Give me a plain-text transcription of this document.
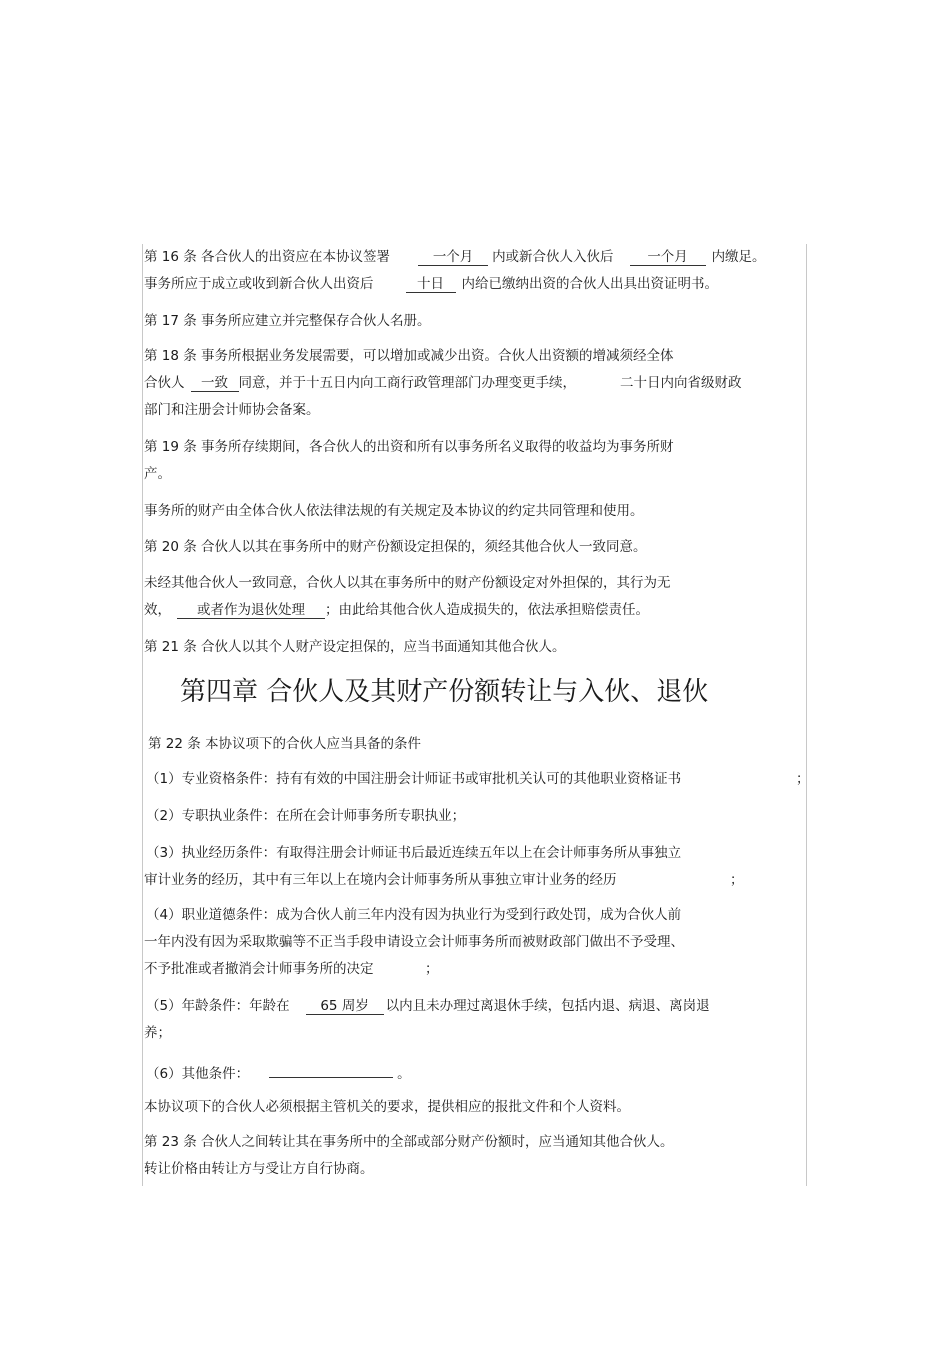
第 16 条 各合伙人的出资应在本协议签署	一个月 内或新合伙人入伙后	一个月 内缴足。
事务所应于成立或收到新合伙人出资后	十日 内给已缴纳出资的合伙人出具出资证明书。
第 17 条 事务所应建立并完整保存合伙人名册。
第 18 条 事务所根据业务发展需要，可以增加或减少出资。合伙人出资额的增减须经全体
合伙人 一致 同意，并于十五日内向工商行政管理部门办理变更手续，	二十日内向省级财政
部门和注册会计师协会备案。
第 19 条 事务所存续期间，各合伙人的出资和所有以事务所名义取得的收益均为事务所财
产。
事务所的财产由全体合伙人依法律法规的有关规定及本协议的约定共同管理和使用。
第 20 条 合伙人以其在事务所中的财产份额设定担保的，须经其他合伙人一致同意。
未经其他合伙人一致同意，合伙人以其在事务所中的财产份额设定对外担保的，其行为无
效， 或者作为退伙处理 ；由此给其他合伙人造成损失的，依法承担赔偿责任。
第 21 条 合伙人以其个人财产设定担保的，应当书面通知其他合伙人。
第四章 合伙人及其财产份额转让与入伙、退伙
第 22 条 本协议项下的合伙人应当具备的条件
（1）专业资格条件：持有有效的中国注册会计师证书或审批机关认可的其他职业资格证书	；
（2）专职执业条件：在所在会计师事务所专职执业；
（3）执业经历条件：有取得注册会计师证书后最近连续五年以上在会计师事务所从事独立
审计业务的经历，其中有三年以上在境内会计师事务所从事独立审计业务的经历	；
（4）职业道德条件：成为合伙人前三年内没有因为执业行为受到行政处罚，成为合伙人前
一年内没有因为采取欺骗等不正当手段申请设立会计师事务所而被财政部门做出不予受理、
不予批准或者撤消会计师事务所的决定	；
（5）年龄条件：年龄在 65 周岁 以内且未办理过离退休手续，包括内退、病退、离岗退
养；
（6）其他条件：	。
本协议项下的合伙人必须根据主管机关的要求，提供相应的报批文件和个人资料。
第 23 条 合伙人之间转让其在事务所中的全部或部分财产份额时，应当通知其他合伙人。
转让价格由转让方与受让方自行协商。
